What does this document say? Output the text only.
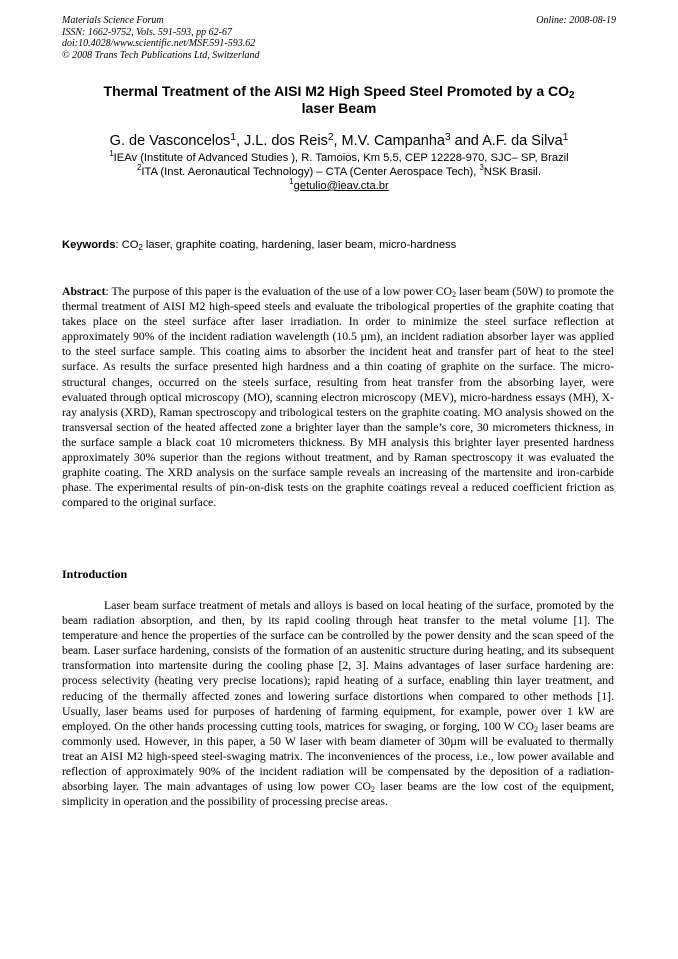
Materials Science Forum
ISSN: 1662-9752, Vols. 591-593, pp 62-67
doi:10.4028/www.scientific.net/MSF.591-593.62
© 2008 Trans Tech Publications Ltd, Switzerland
Online: 2008-08-19
Thermal Treatment of the AISI M2 High Speed Steel Promoted by a $CO_2$
laser Beam
G. de Vasconcelos$^1$, J.L. dos Reis$^2$, M.V. Campanha$^3$ and A.F. da Silva$^1$
$^1$IEAv (Institute of Advanced Studies ), R. Tamoios, Km 5.5, CEP 12228-970, SJC– SP, Brazil
$^2$ITA (Inst. Aeronautical Technology) – CTA (Center Aerospace Tech), $^3$NSK Brasil.
$^1$getulio@ieav.cta.br
Keywords: $CO_2$ laser, graphite coating, hardening, laser beam, micro-hardness
Abstract: The purpose of this paper is the evaluation of the use of a low power $CO_2$ laser beam (50W) to promote the thermal treatment of AISI M2 high-speed steels and evaluate the tribological properties of the graphite coating that takes place on the steel surface after laser irradiation. In order to minimize the steel surface reflection at approximately 90% of the incident radiation wavelength (10.5 µm), an incident radiation absorber layer was applied to the steel surface sample. This coating aims to absorber the incident heat and transfer part of heat to the steel surface. As results the surface presented high hardness and a thin coating of graphite on the surface. The micro-structural changes, occurred on the steels surface, resulting from heat transfer from the absorbing layer, were evaluated through optical microscopy (MO), scanning electron microscopy (MEV), micro-hardness essays (MH), X-ray analysis (XRD), Raman spectroscopy and tribological testers on the graphite coating. MO analysis showed on the transversal section of the heated affected zone a brighter layer than the sample’s core, 30 micrometers thickness, in the surface sample a black coat 10 micrometers thickness. By MH analysis this brighter layer presented hardness approximately 30% superior than the regions without treatment, and by Raman spectroscopy it was evaluated the graphite coating. The XRD analysis on the surface sample reveals an increasing of the martensite and iron-carbide phase. The experimental results of pin-on-disk tests on the graphite coatings reveal a reduced coefficient friction as compared to the original surface.
Introduction
Laser beam surface treatment of metals and alloys is based on local heating of the surface, promoted by the beam radiation absorption, and then, by its rapid cooling through heat transfer to the metal volume [1]. The temperature and hence the properties of the surface can be controlled by the power density and the scan speed of the beam. Laser surface hardening, consists of the formation of an austenitic structure during heating, and its subsequent transformation into martensite during the cooling phase [2, 3]. Mains advantages of laser surface hardening are: process selectivity (heating very precise locations); rapid heating of a surface, enabling thin layer treatment, and reducing of the thermally affected zones and lowering surface distortions when compared to other methods [1]. Usually, laser beams used for purposes of hardening of farming equipment, for example, power over 1 kW are employed. On the other hands processing cutting tools, matrices for swaging, or forging, 100 W $CO_2$ laser beams are commonly used. However, in this paper, a 50 W laser with beam diameter of 30µm will be evaluated to thermally treat an AISI M2 high-speed steel-swaging matrix. The inconveniences of the process, i.e., low power available and reflection of approximately 90% of the incident radiation will be compensated by the deposition of a radiation-absorbing layer. The main advantages of using low power $CO_2$ laser beams are the low cost of the equipment, simplicity in operation and the possibility of processing precise areas.
